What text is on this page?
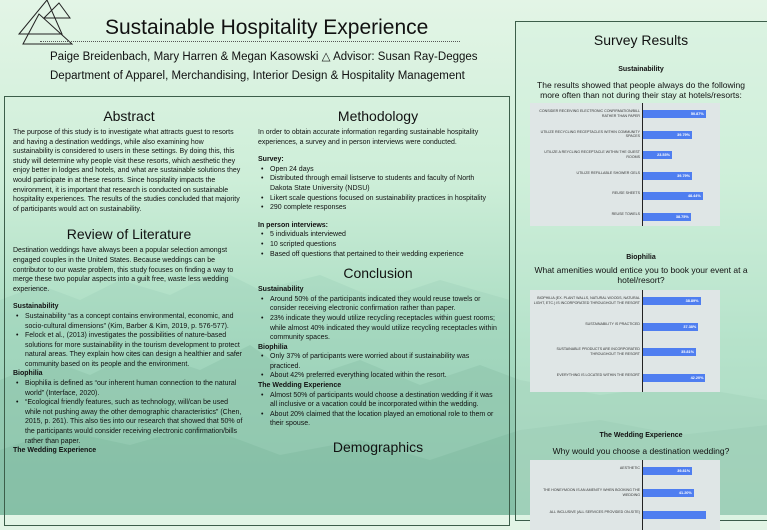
Sustainable Hospitality Experience
Paige Breidenbach, Mary Harren & Megan Kasowski △ Advisor: Susan Ray-Degges
Department of Apparel, Merchandising, Interior Design & Hospitality Management
Abstract

The purpose of this study is to investigate what attracts guest to resorts and having a destination weddings, while also examining how sustainability is considered to users in these settings. By doing this, this study will determine why people visit these resorts, which aesthetic they enjoy better in lodges and hotels, and what are sustainable solutions they would participate in at these resorts. Since hospitality impacts the environment, it is important that research is conducted on sustainable hospitality experiences. The results of the studies concluded that majority of participants would act on sustainability.

Review of Literature

Destination weddings have always been a popular selection amongst engaged couples in the United States. Because weddings can be contributor to our waste problem, this study focuses on finding a way to merge these two popular aspects into a guilt free, waste less wedding experience.

Sustainability
• Sustainability “as a concept contains environmental, economic, and socio-cultural dimensions” (Kim, Barber & Kim, 2019, p. 576-577).
• Felock et al., (2013) investigates the possibilities of nature-based solutions for more sustainability in the tourism development to protect natural areas. They explain how cites can design a healthier and safer community based on its people and the environment.
Biophilia
• Biophilia is defined as “our inherent human connection to the natural world” (Interface, 2020).
• “Ecological friendly features, such as technology, will/can be used while not pushing away the other demographic characteristics” (Chen, 2015, p. 261). This also ties into our research that showed that 50% of the participants would consider receiving electronic confirmation/bills rather than paper.
The Wedding Experience
Methodology

In order to obtain accurate information regarding sustainable hospitality experiences, a survey and in person interviews were conducted.

Survey:
• Open 24 days
• Distributed through email listserve to students and faculty of North Dakota State University (NDSU)
• Likert scale questions focused on sustainability practices in hospitality
• 290 complete responses
In person interviews:
• 5 individuals interviewed
• 10 scripted questions
• Based off questions that pertained to their wedding experience
Conclusion
Sustainability
• Around 50% of the participants indicated they would reuse towels or consider receiving electronic confirmation rather than paper.
• 23% indicate they would utilize recycling receptacles within guest rooms; while almost 40% indicated they would utilize recycling receptacles within community spaces.
Biophilia
• Only 37% of participants were worried about if sustainability was practiced.
• About 42% preferred everything located within the resort.
The Wedding Experience
• Almost 50% of participants would choose a destination wedding if it was all inclusive or a vacation could be incorporated within the wedding.
• About 20% claimed that the location played an emotional role to them or their spouse.
Demographics
Survey Results
Sustainability
The results showed that people always do the following more often than not during their stay at hotels/resorts:
CONSIDER RECEIVING ELECTRONIC CONFIRMATION/BILL RATHER THAN PAPER	50.87%
UTILIZE RECYCLING RECEPTACLES WITHIN COMMUNITY SPACES	39.79%
UTILIZE A REYCLING RECEPTACLE WITHIN THE GUEST ROOMS	23.53%
UTILIZE REFILLABLE SHOWER GELS
39.79%
REUSE SHEETS
48.44%
REUSE TOWELS
38.75%
Biophilia
What amenities would entice you to book your event at a hotel/resort?
BIOPHILIA (EX. PLANT WALLS, NATURAL WOODS, NATURAL LIGHT, ETC.) IS INCORPORATED THROUGHOUT THE RESORT	38.89%
SUSTAINABILITY IS PRACTICED
37.38%
SUSTAINABLE PRODUCTS ARE INCORPORATED THROUGHOUT THE RESORT	35.81%
EVERYTHING IS LOCATED WITHIN THE RESORT
42.20%
The Wedding Experience
Why would you choose a destination wedding?
AESTHETIC
39.81%
THE HONEYMOON IS AN AMENITY WHEN BOOKING THE WEDDING	41.20%
ALL INCLUSIVE (ALL SERVICES PROVIDED ON-SITE)
